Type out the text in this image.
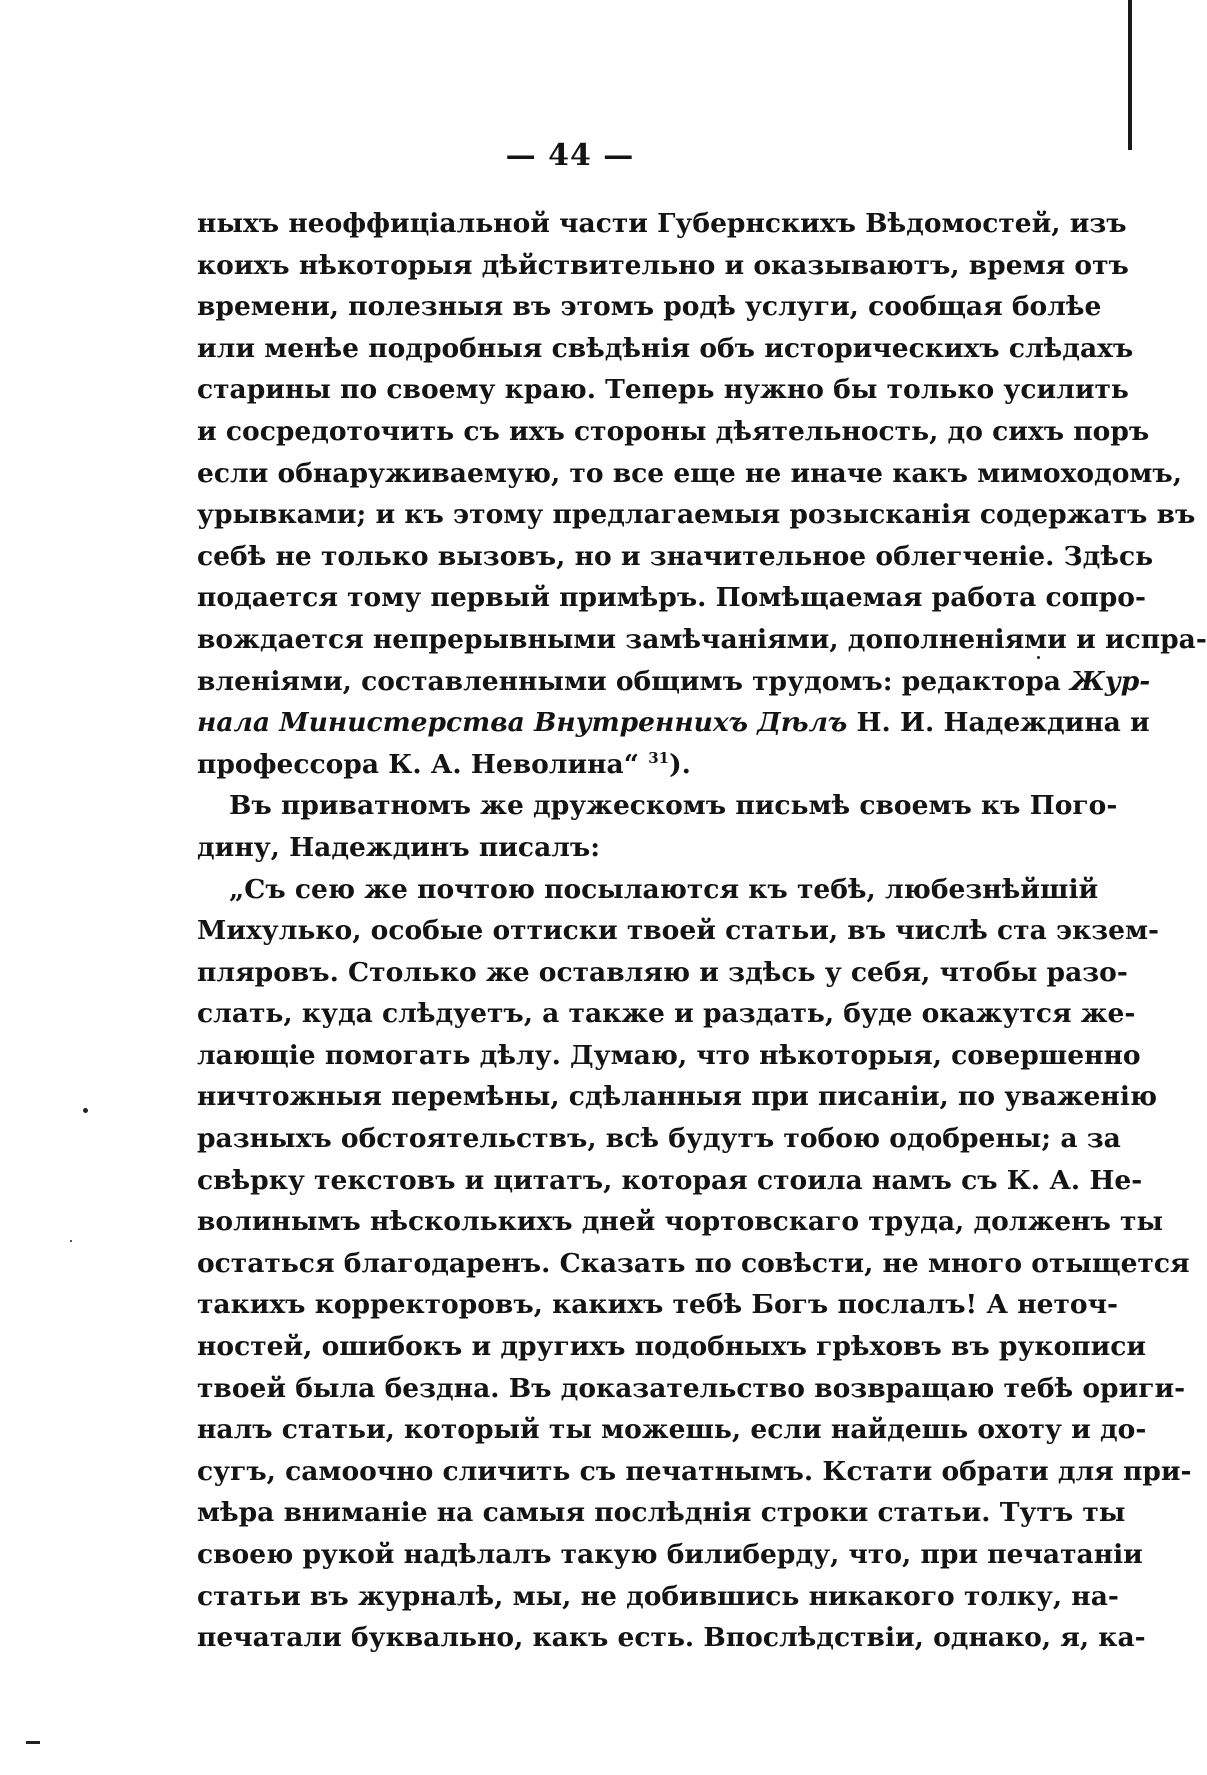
— 44 —
ныхъ неоффиціальной части Губернскихъ Вѣдомостей, изъ
коихъ нѣкоторыя дѣйствительно и оказываютъ, время отъ
времени, полезныя въ этомъ родѣ услуги, сообщая болѣе
или менѣе подробныя свѣдѣнія объ историческихъ слѣдахъ
старины по своему краю. Теперь нужно бы только усилить
и сосредоточить съ ихъ стороны дѣятельность, до сихъ поръ
если обнаруживаемую, то все еще не иначе какъ мимоходомъ,
урывками; и къ этому предлагаемыя розысканія содержатъ въ
себѣ не только вызовъ, но и значительное облегченіе. Здѣсь
подается тому первый примѣръ. Помѣщаемая работа сопро-
вождается непрерывными замѣчаніями, дополненіями и испра-
вленіями, составленными общимъ трудомъ: редактора Жур-
нала Министерства Внутреннихъ Дѣлъ Н. И. Надеждина и
профессора К. А. Неволина“ $^{31}$).
Въ приватномъ же дружескомъ письмѣ своемъ къ Пого-
дину, Надеждинъ писалъ:
„Съ сею же почтою посылаются къ тебѣ, любезнѣйшій
Михулько, особые оттиски твоей статьи, въ числѣ ста экзем-
пляровъ. Столько же оставляю и здѣсь у себя, чтобы разо-
слать, куда слѣдуетъ, а также и раздать, буде окажутся же-
лающіе помогать дѣлу. Думаю, что нѣкоторыя, совершенно
ничтожныя перемѣны, сдѣланныя при писаніи, по уваженію
разныхъ обстоятельствъ, всѣ будутъ тобою одобрены; а за
свѣрку текстовъ и цитатъ, которая стоила намъ съ К. А. Не-
волинымъ нѣсколькихъ дней чортовскаго труда, долженъ ты
остаться благодаренъ. Сказать по совѣсти, не много отыщется
такихъ корректоровъ, какихъ тебѣ Богъ послалъ! А неточ-
ностей, ошибокъ и другихъ подобныхъ грѣховъ въ рукописи
твоей была бездна. Въ доказательство возвращаю тебѣ ориги-
налъ статьи, который ты можешь, если найдешь охоту и до-
сугъ, самоочно сличить съ печатнымъ. Кстати обрати для при-
мѣра вниманіе на самыя послѣднія строки статьи. Тутъ ты
своею рукой надѣлалъ такую билиберду, что, при печатаніи
статьи въ журналѣ, мы, не добившись никакого толку, на-
печатали буквально, какъ есть. Впослѣдствіи, однако, я, ка-
